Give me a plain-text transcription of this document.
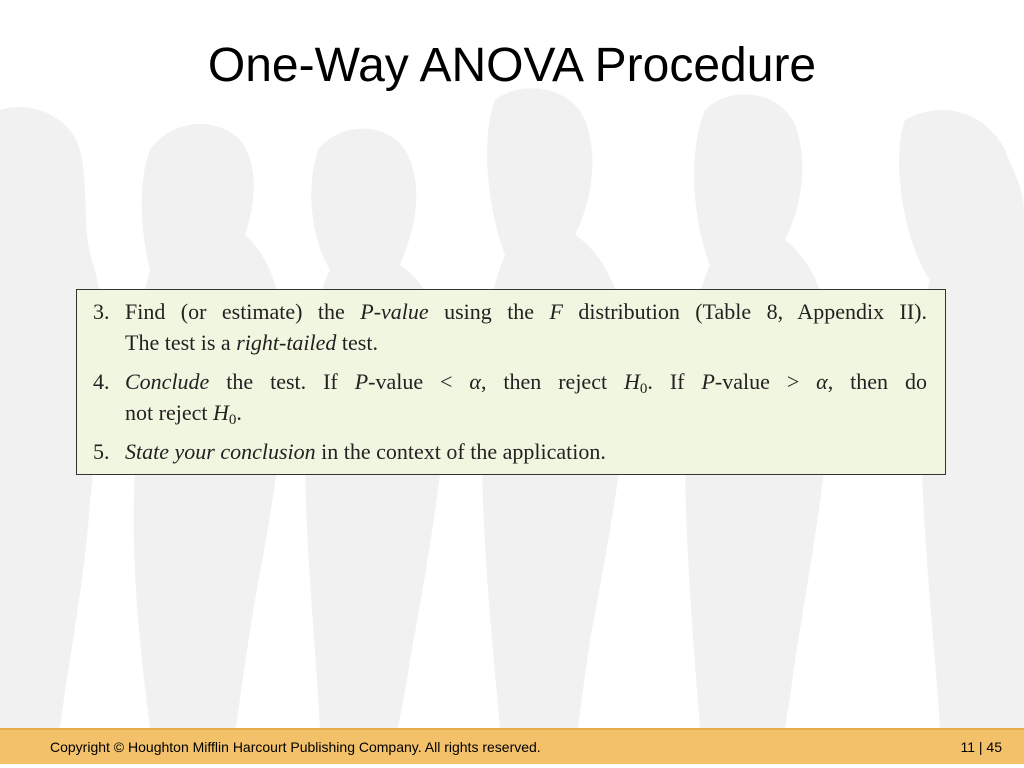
One-Way ANOVA Procedure
3. Find (or estimate) the P-value using the F distribution (Table 8, Appendix II).
The test is a right-tailed test.
4. Conclude the test. If P-value < α, then reject $H_0$. If P-value > α, then do
not reject $H_0$.
5. State your conclusion in the context of the application.
Copyright © Houghton Mifflin Harcourt Publishing Company. All rights reserved.	11 | 45
